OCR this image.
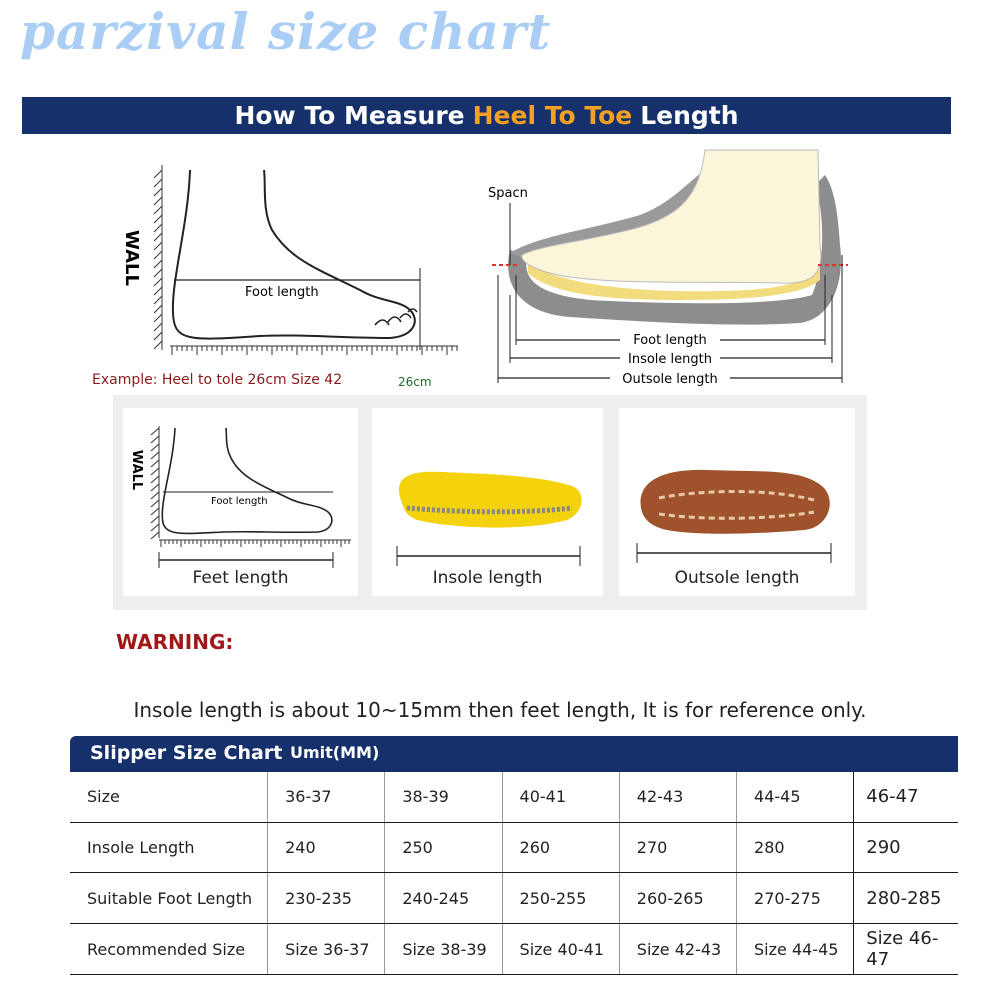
parzival size chart
How To Measure Heel To Toe Length
WALL
Foot length
Example: Heel to tole 26cm Size 42	26cm
Spacn
Foot length
Insole length
Outsole length
WALL
Foot length
Feet length	Insole length	Outsole length
WARNING:
Insole length is about 10~15mm then feet length, It is for reference only.
Slipper Size Chart Umit(MM)
Size	36-37	38-39	40-41	42-43	44-45	46-47
Insole Length	240	250	260	270	280	290
Suitable Foot Length	230-235	240-245	250-255	260-265	270-275	280-285
Recommended Size	Size 36-37	Size 38-39	Size 40-41	Size 42-43	Size 44-45	Size 46-47
